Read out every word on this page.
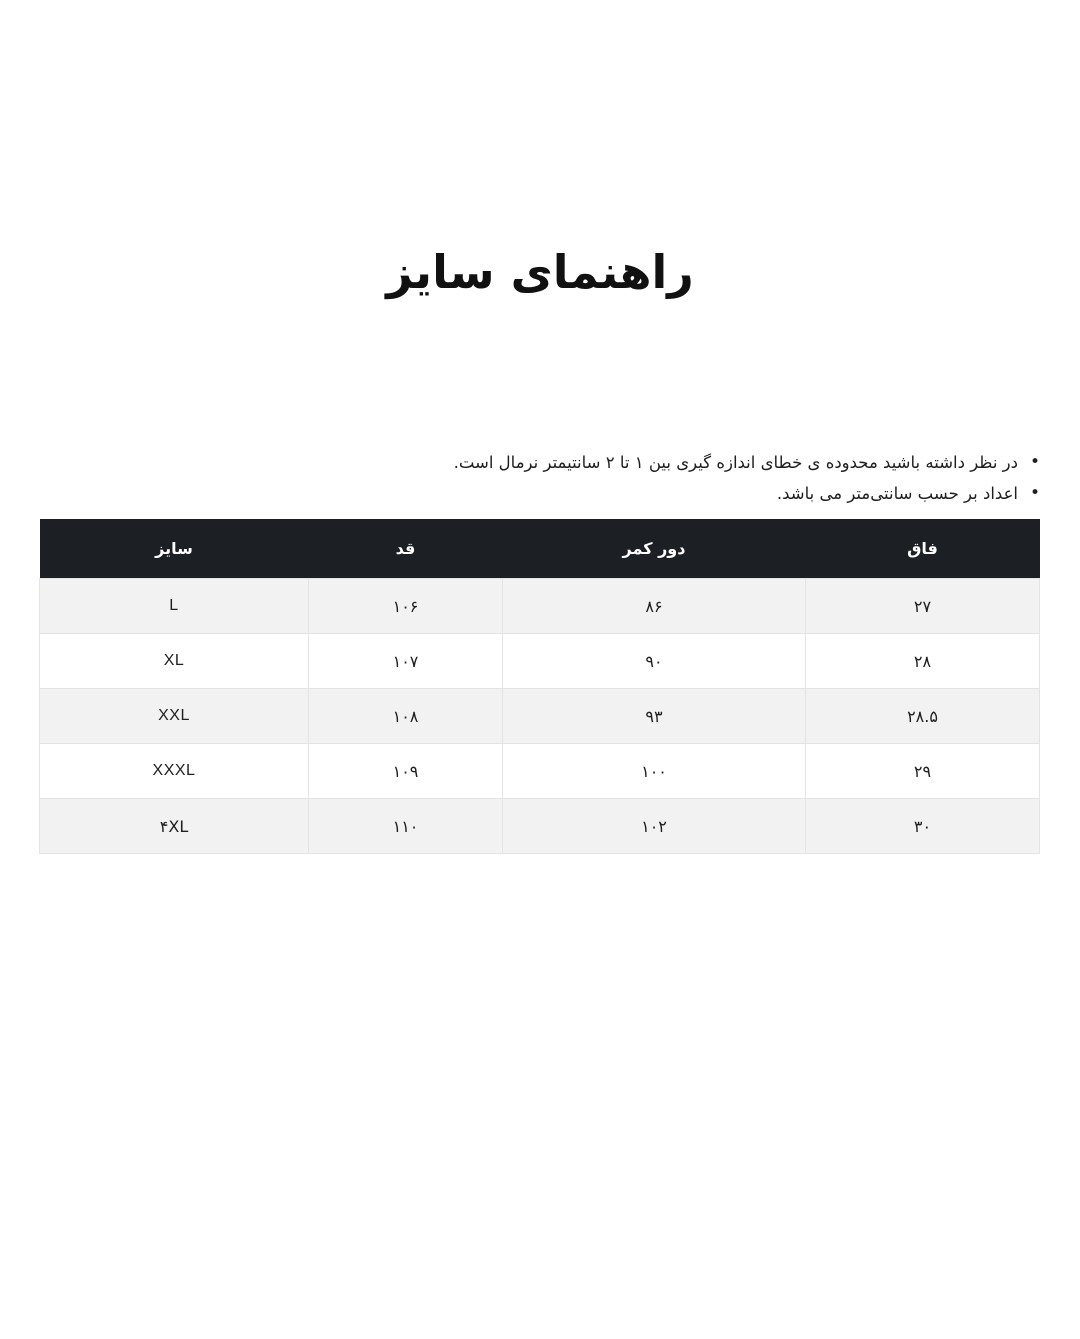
راهنمای سایز
• در نظر داشته باشید محدوده ی خطای اندازه گیری بین ۱ تا ۲ سانتیمتر نرمال است.
• اعداد بر حسب سانتی‌متر می باشد.
فاق	دور کمر	قد	سایز
۲۷	۸۶	۱۰۶	L
۲۸	۹۰	۱۰۷	XL
۲۸.۵	۹۳	۱۰۸	XXL
۲۹	۱۰۰	۱۰۹	XXXL
۳۰	۱۰۲	۱۱۰	۴XL
